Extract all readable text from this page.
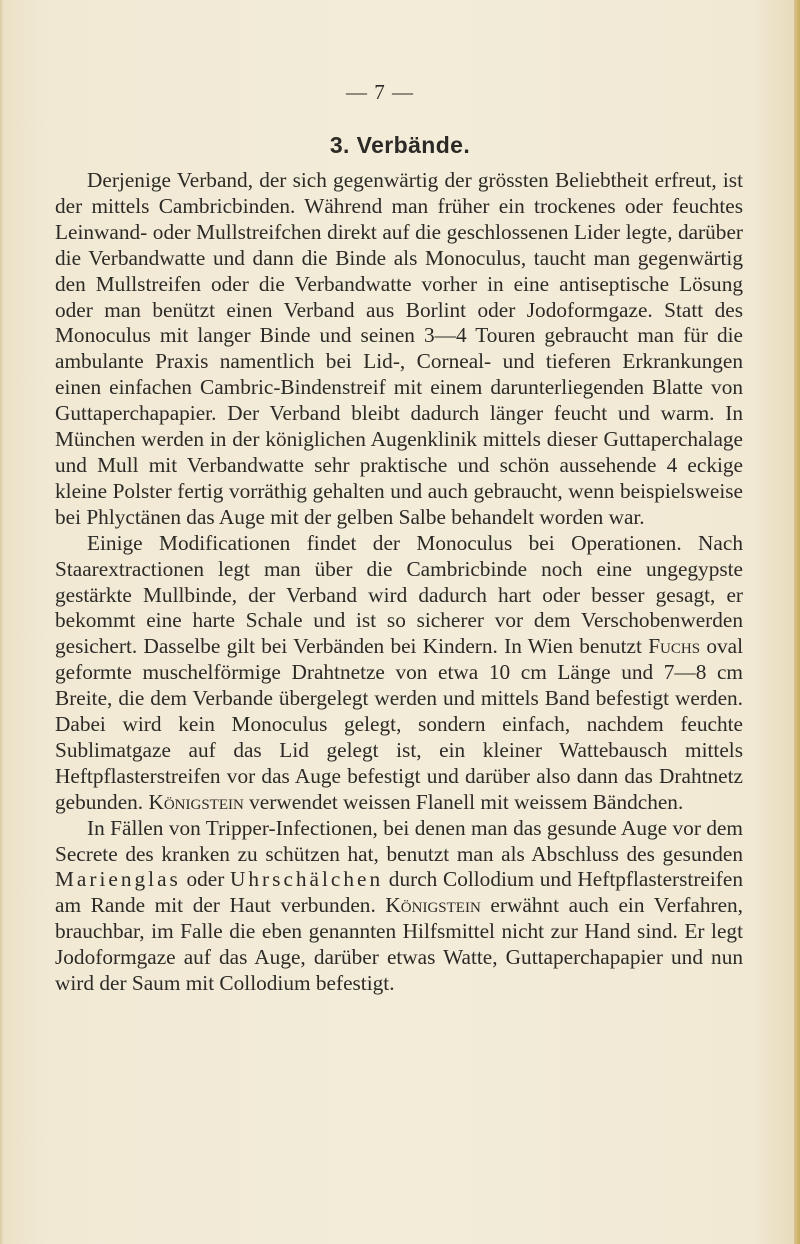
— 7 —
3. Verbände.

Derjenige Verband, der sich gegenwärtig der grössten Beliebtheit erfreut, ist der mittels Cambricbinden. Während man früher ein trockenes oder feuchtes Leinwand- oder Mullstreifchen direkt auf die geschlossenen Lider legte, darüber die Verbandwatte und dann die Binde als Monoculus, taucht man gegenwärtig den Mullstreifen oder die Verbandwatte vorher in eine antiseptische Lösung oder man benützt einen Verband aus Borlint oder Jodoformgaze. Statt des Monoculus mit langer Binde und seinen 3—4 Touren gebraucht man für die ambulante Praxis namentlich bei Lid-, Corneal- und tieferen Erkrankungen einen einfachen Cambric-Bindenstreif mit einem darunterliegenden Blatte von Guttaperchapapier. Der Verband bleibt dadurch länger feucht und warm. In München werden in der königlichen Augenklinik mittels dieser Guttaperchalage und Mull mit Verbandwatte sehr praktische und schön aussehende 4 eckige kleine Polster fertig vorräthig gehalten und auch gebraucht, wenn beispielsweise bei Phlyctänen das Auge mit der gelben Salbe behandelt worden war.

Einige Modificationen findet der Monoculus bei Operationen. Nach Staarextractionen legt man über die Cambricbinde noch eine ungegypste gestärkte Mullbinde, der Verband wird dadurch hart oder besser gesagt, er bekommt eine harte Schale und ist so sicherer vor dem Verschobenwerden gesichert. Dasselbe gilt bei Verbänden bei Kindern. In Wien benutzt Fuchs oval geformte muschelförmige Drahtnetze von etwa 10 cm Länge und 7—8 cm Breite, die dem Verbande übergelegt werden und mittels Band befestigt werden. Dabei wird kein Monoculus gelegt, sondern einfach, nachdem feuchte Sublimatgaze auf das Lid gelegt ist, ein kleiner Wattebausch mittels Heftpflasterstreifen vor das Auge befestigt und darüber also dann das Drahtnetz gebunden. Königstein verwendet weissen Flanell mit weissem Bändchen.

In Fällen von Tripper-Infectionen, bei denen man das gesunde Auge vor dem Secrete des kranken zu schützen hat, benutzt man als Abschluss des gesunden Marienglas oder Uhrschälchen durch Collodium und Heftpflasterstreifen am Rande mit der Haut verbunden. Königstein erwähnt auch ein Verfahren, brauchbar, im Falle die eben genannten Hilfsmittel nicht zur Hand sind. Er legt Jodoformgaze auf das Auge, darüber etwas Watte, Guttaperchapapier und nun wird der Saum mit Collodium befestigt.
